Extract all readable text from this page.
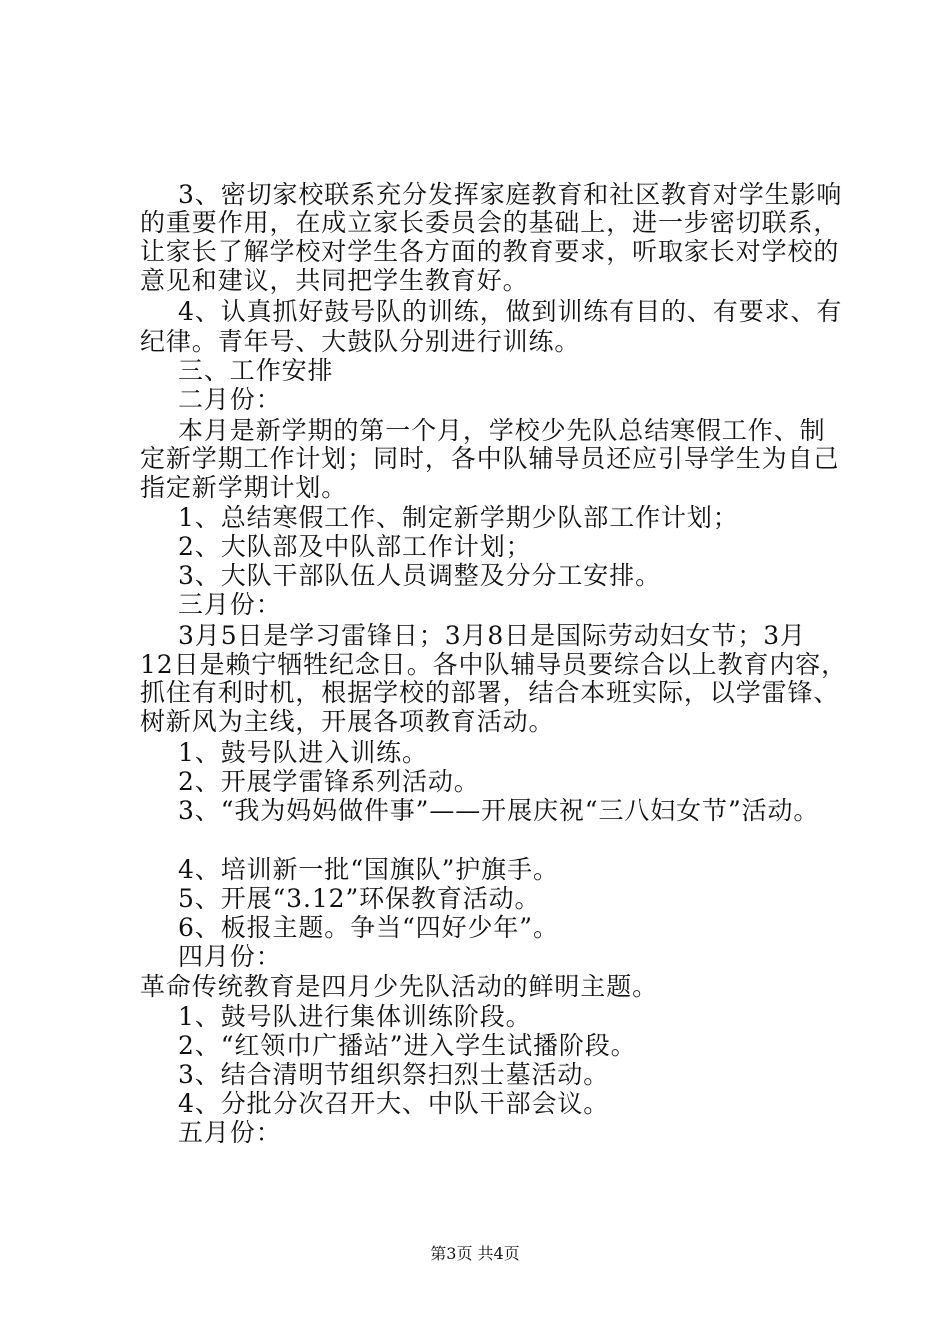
3、密切家校联系充分发挥家庭教育和社区教育对学生影响
的重要作用，在成立家长委员会的基础上，进一步密切联系，
让家长了解学校对学生各方面的教育要求，听取家长对学校的
意见和建议，共同把学生教育好。
4、认真抓好鼓号队的训练，做到训练有目的、有要求、有
纪律。青年号、大鼓队分别进行训练。
三、工作安排
二月份：
本月是新学期的第一个月，学校少先队总结寒假工作、制
定新学期工作计划；同时，各中队辅导员还应引导学生为自己
指定新学期计划。
1、总结寒假工作、制定新学期少队部工作计划；
2、大队部及中队部工作计划；
3、大队干部队伍人员调整及分分工安排。
三月份：
3月5日是学习雷锋日；3月8日是国际劳动妇女节；3月
12日是赖宁牺牲纪念日。各中队辅导员要综合以上教育内容，
抓住有利时机，根据学校的部署，结合本班实际，以学雷锋、
树新风为主线，开展各项教育活动。
1、鼓号队进入训练。
2、开展学雷锋系列活动。
3、“我为妈妈做件事”——开展庆祝“三八妇女节”活动。
4、培训新一批“国旗队”护旗手。
5、开展“3.12”环保教育活动。
6、板报主题。争当“四好少年”。
四月份：
革命传统教育是四月少先队活动的鲜明主题。
1、鼓号队进行集体训练阶段。
2、“红领巾广播站”进入学生试播阶段。
3、结合清明节组织祭扫烈士墓活动。
4、分批分次召开大、中队干部会议。
五月份：
第3页 共4页
